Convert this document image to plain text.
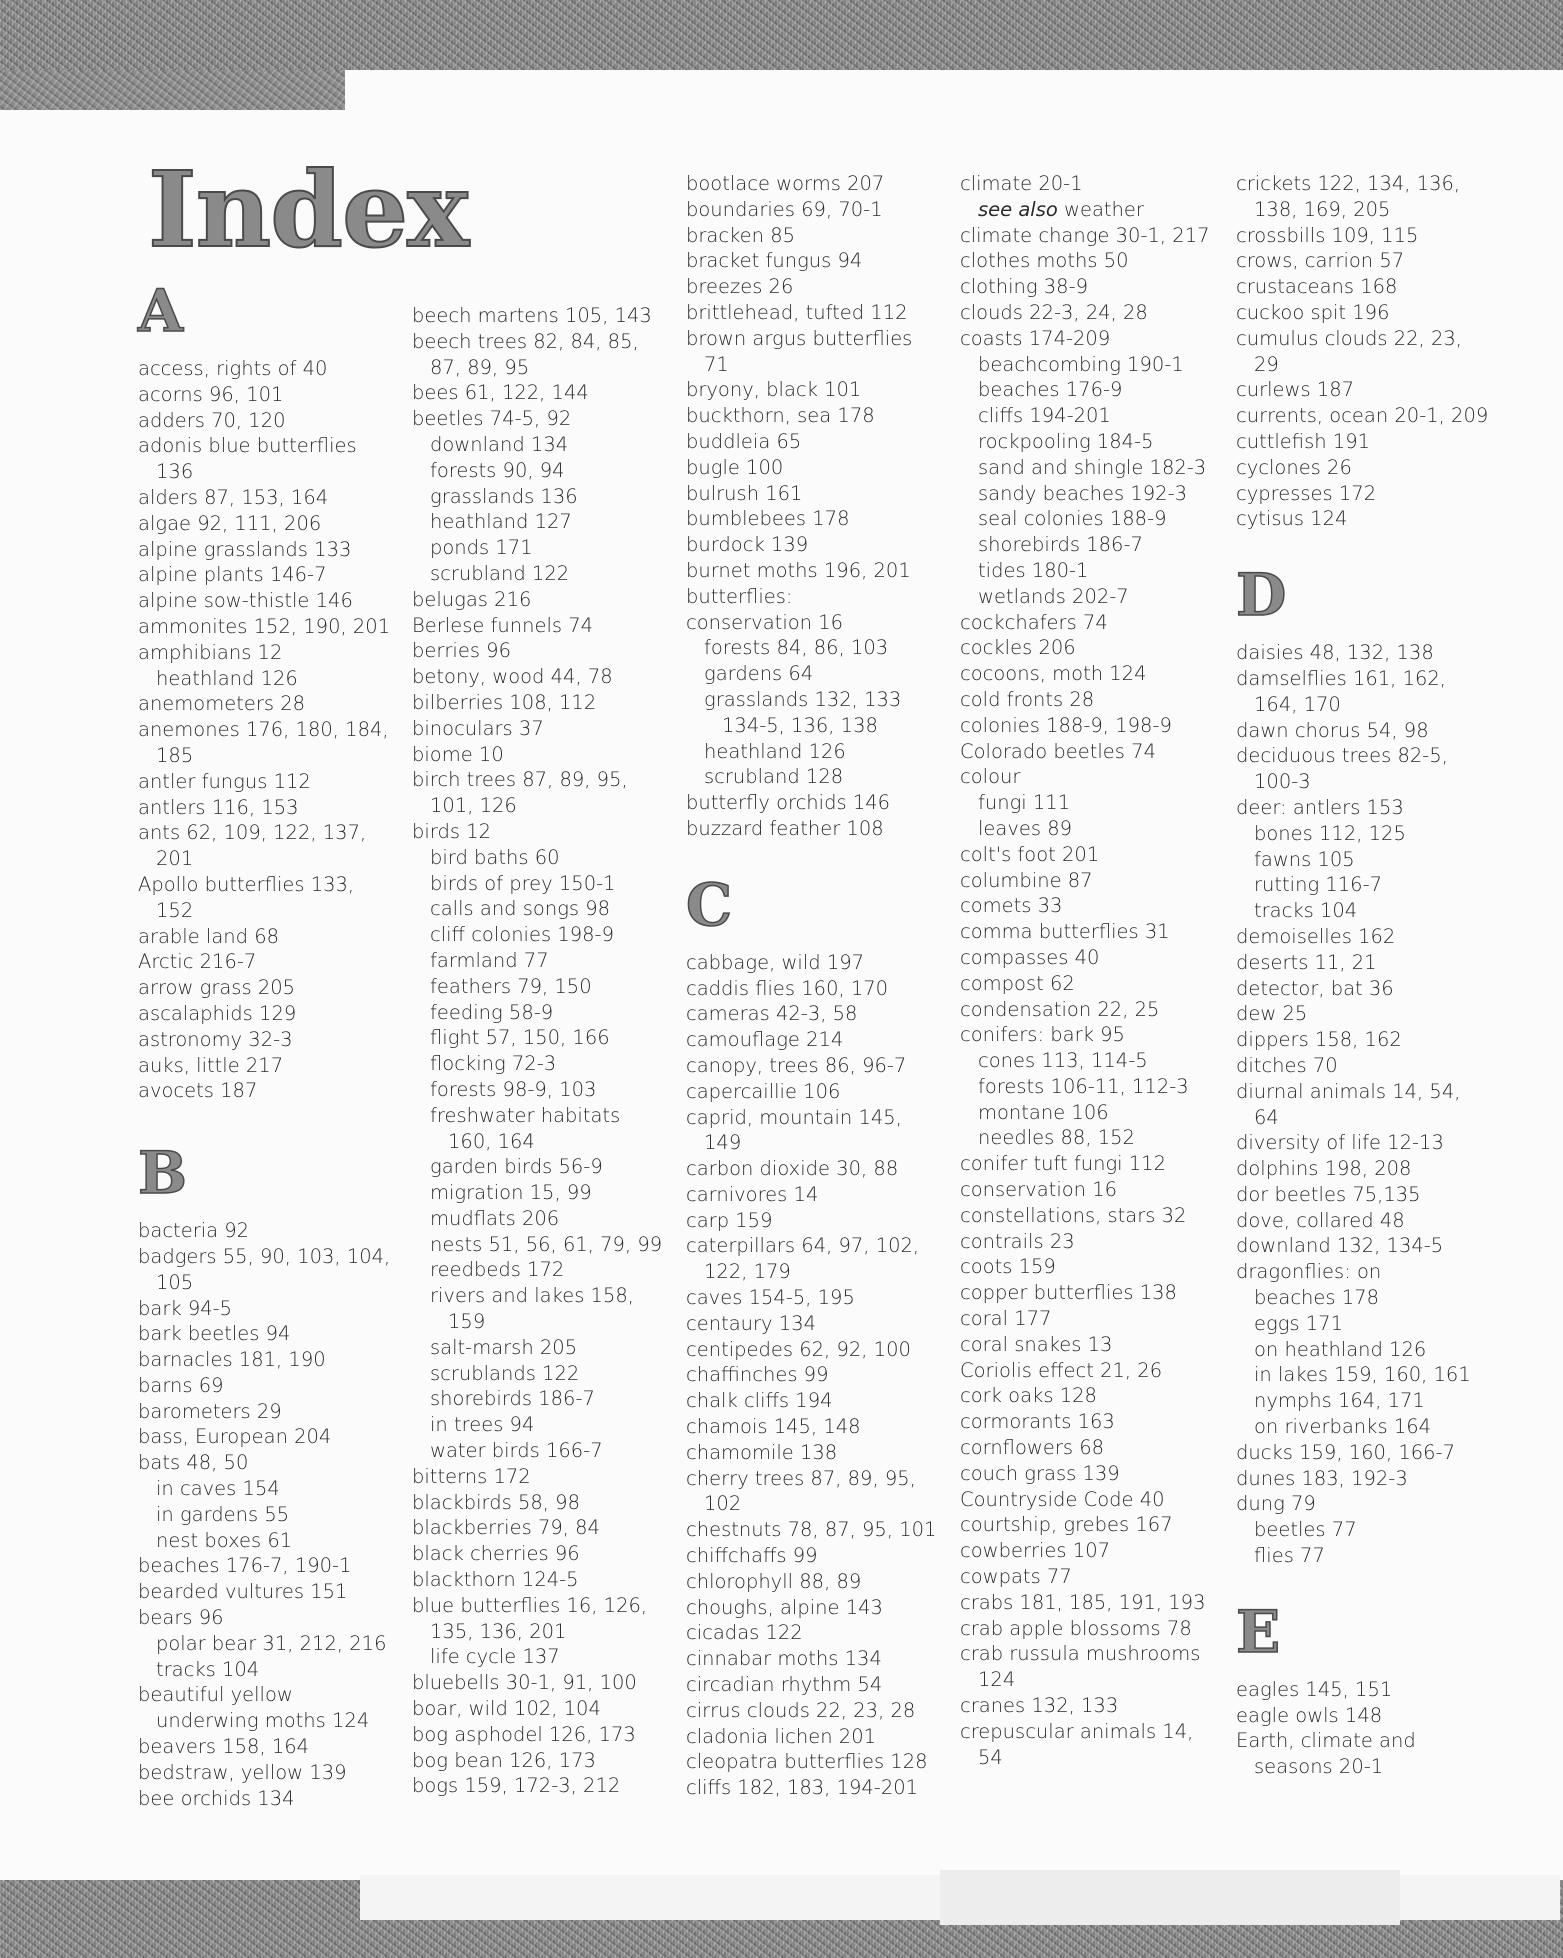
Index
A

access, rights of 40

acorns 96, 101

adders 70, 120

adonis blue butterflies 136

alders 87, 153, 164

algae 92, 111, 206

alpine grasslands 133

alpine plants 146-7

alpine sow-thistle 146

ammonites 152, 190, 201

amphibians 12

heathland 126

anemometers 28

anemones 176, 180, 184, 185

antler fungus 112

antlers 116, 153

ants 62, 109, 122, 137, 201

Apollo butterflies 133, 152

arable land 68

Arctic 216-7

arrow grass 205

ascalaphids 129

astronomy 32-3

auks, little 217

avocets 187

B

bacteria 92

badgers 55, 90, 103, 104, 105

bark 94-5

bark beetles 94

barnacles 181, 190

barns 69

barometers 29

bass, European 204

bats 48, 50

in caves 154

in gardens 55

nest boxes 61

beaches 176-7, 190-1

bearded vultures 151

bears 96

polar bear 31, 212, 216

tracks 104

beautiful yellow underwing moths 124

beavers 158, 164

bedstraw, yellow 139

bee orchids 134

beech martens 105, 143

beech trees 82, 84, 85, 87, 89, 95

bees 61, 122, 144

beetles 74-5, 92

downland 134

forests 90, 94

grasslands 136

heathland 127

ponds 171

scrubland 122

belugas 216

Berlese funnels 74

berries 96

betony, wood 44, 78

bilberries 108, 112

binoculars 37

biome 10

birch trees 87, 89, 95, 101, 126

birds 12

bird baths 60

birds of prey 150-1

calls and songs 98

cliff colonies 198-9

farmland 77

feathers 79, 150

feeding 58-9

flight 57, 150, 166

flocking 72-3

forests 98-9, 103

freshwater habitats 160, 164

garden birds 56-9

migration 15, 99

mudflats 206

nests 51, 56, 61, 79, 99

reedbeds 172

rivers and lakes 158, 159

salt-marsh 205

scrublands 122

shorebirds 186-7

in trees 94

water birds 166-7

bitterns 172

blackbirds 58, 98

blackberries 79, 84

black cherries 96

blackthorn 124-5

blue butterflies 16, 126, 135, 136, 201

life cycle 137

bluebells 30-1, 91, 100

boar, wild 102, 104

bog asphodel 126, 173

bog bean 126, 173

bogs 159, 172-3, 212

bootlace worms 207

boundaries 69, 70-1

bracken 85

bracket fungus 94

breezes 26

brittlehead, tufted 112

brown argus butterflies 71

bryony, black 101

buckthorn, sea 178

buddleia 65

bugle 100

bulrush 161

bumblebees 178

burdock 139

burnet moths 196, 201

butterflies:

conservation 16

forests 84, 86, 103

gardens 64

grasslands 132, 133 134-5, 136, 138

heathland 126

scrubland 128

butterfly orchids 146

buzzard feather 108

C

cabbage, wild 197

caddis flies 160, 170

cameras 42-3, 58

camouflage 214

canopy, trees 86, 96-7

capercaillie 106

caprid, mountain 145, 149

carbon dioxide 30, 88

carnivores 14

carp 159

caterpillars 64, 97, 102, 122, 179

caves 154-5, 195

centaury 134

centipedes 62, 92, 100

chaffinches 99

chalk cliffs 194

chamois 145, 148

chamomile 138

cherry trees 87, 89, 95, 102

chestnuts 78, 87, 95, 101

chiffchaffs 99

chlorophyll 88, 89

choughs, alpine 143

cicadas 122

cinnabar moths 134

circadian rhythm 54

cirrus clouds 22, 23, 28

cladonia lichen 201

cleopatra butterflies 128

cliffs 182, 183, 194-201

climate 20-1

see also weather

climate change 30-1, 217

clothes moths 50

clothing 38-9

clouds 22-3, 24, 28

coasts 174-209

beachcombing 190-1

beaches 176-9

cliffs 194-201

rockpooling 184-5

sand and shingle 182-3

sandy beaches 192-3

seal colonies 188-9

shorebirds 186-7

tides 180-1

wetlands 202-7

cockchafers 74

cockles 206

cocoons, moth 124

cold fronts 28

colonies 188-9, 198-9

Colorado beetles 74

colour

fungi 111

leaves 89

colt's foot 201

columbine 87

comets 33

comma butterflies 31

compasses 40

compost 62

condensation 22, 25

conifers: bark 95

cones 113, 114-5

forests 106-11, 112-3

montane 106

needles 88, 152

conifer tuft fungi 112

conservation 16

constellations, stars 32

contrails 23

coots 159

copper butterflies 138

coral 177

coral snakes 13

Coriolis effect 21, 26

cork oaks 128

cormorants 163

cornflowers 68

couch grass 139

Countryside Code 40

courtship, grebes 167

cowberries 107

cowpats 77

crabs 181, 185, 191, 193

crab apple blossoms 78

crab russula mushrooms 124

cranes 132, 133

crepuscular animals 14, 54

crickets 122, 134, 136, 138, 169, 205

crossbills 109, 115

crows, carrion 57

crustaceans 168

cuckoo spit 196

cumulus clouds 22, 23, 29

curlews 187

currents, ocean 20-1, 209

cuttlefish 191

cyclones 26

cypresses 172

cytisus 124

D

daisies 48, 132, 138

damselflies 161, 162, 164, 170

dawn chorus 54, 98

deciduous trees 82-5, 100-3

deer: antlers 153

bones 112, 125

fawns 105

rutting 116-7

tracks 104

demoiselles 162

deserts 11, 21

detector, bat 36

dew 25

dippers 158, 162

ditches 70

diurnal animals 14, 54, 64

diversity of life 12-13

dolphins 198, 208

dor beetles 75,135

dove, collared 48

downland 132, 134-5

dragonflies: on

beaches 178

eggs 171

on heathland 126

in lakes 159, 160, 161

nymphs 164, 171

on riverbanks 164

ducks 159, 160, 166-7

dunes 183, 192-3

dung 79

beetles 77

flies 77

E

eagles 145, 151

eagle owls 148

Earth, climate and seasons 20-1
